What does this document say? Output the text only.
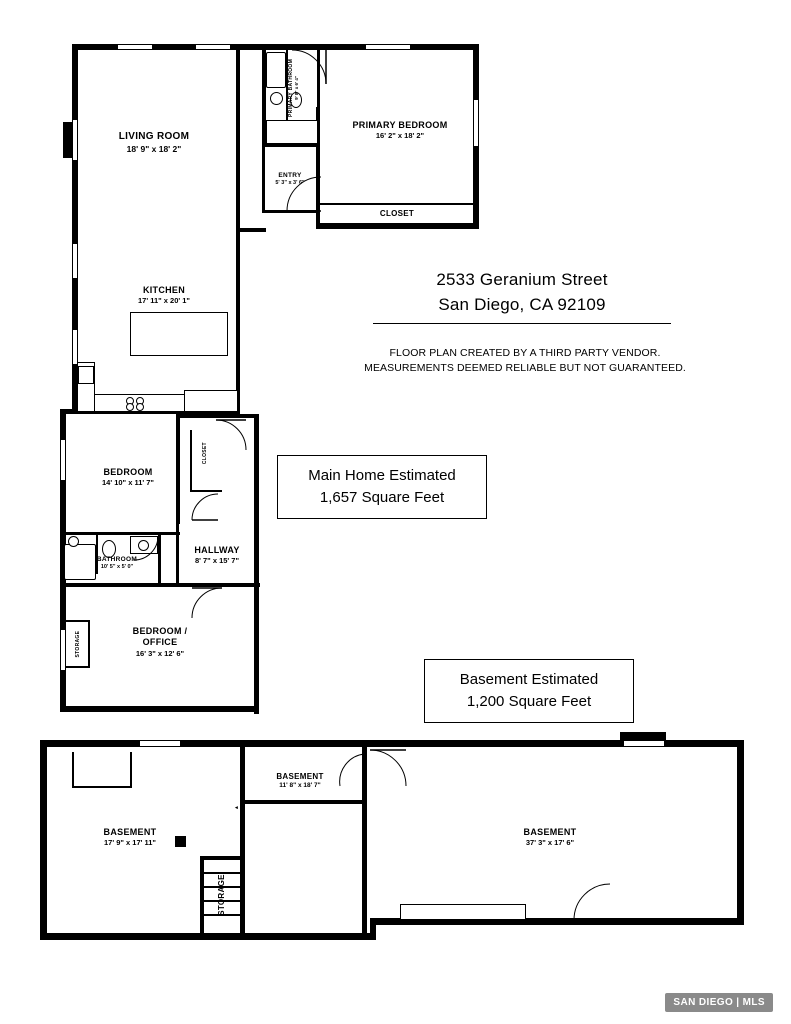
LIVING ROOM
18' 9" x 18' 2"
PRIMARY BATHROOM 9' 8" x 6' 4"
PRIMARY BEDROOM
16' 2" x 18' 2"
ENTRY
5' 3" x 3' 6"
CLOSET
KITCHEN
17' 11" x 20' 1"
BEDROOM
14' 10" x 11' 7"
CLOSET
BATHROOM
10' 5" x 5' 0"
HALLWAY
8' 7" x 15' 7"
BEDROOM /
OFFICE
16' 3" x 12' 6"
STORAGE
◄ ►
BASEMENT
11' 8" x 18' 7"
BASEMENT
17' 9" x 17' 11"
BASEMENT
37' 3" x 17' 6"
STORAGE
2533 Geranium Street
San Diego, CA 92109
FLOOR PLAN CREATED BY A THIRD PARTY VENDOR.
MEASUREMENTS DEEMED RELIABLE BUT NOT GUARANTEED.
Main Home Estimated
1,657 Square Feet
Basement Estimated
1,200 Square Feet
SAN DIEGO | MLS
